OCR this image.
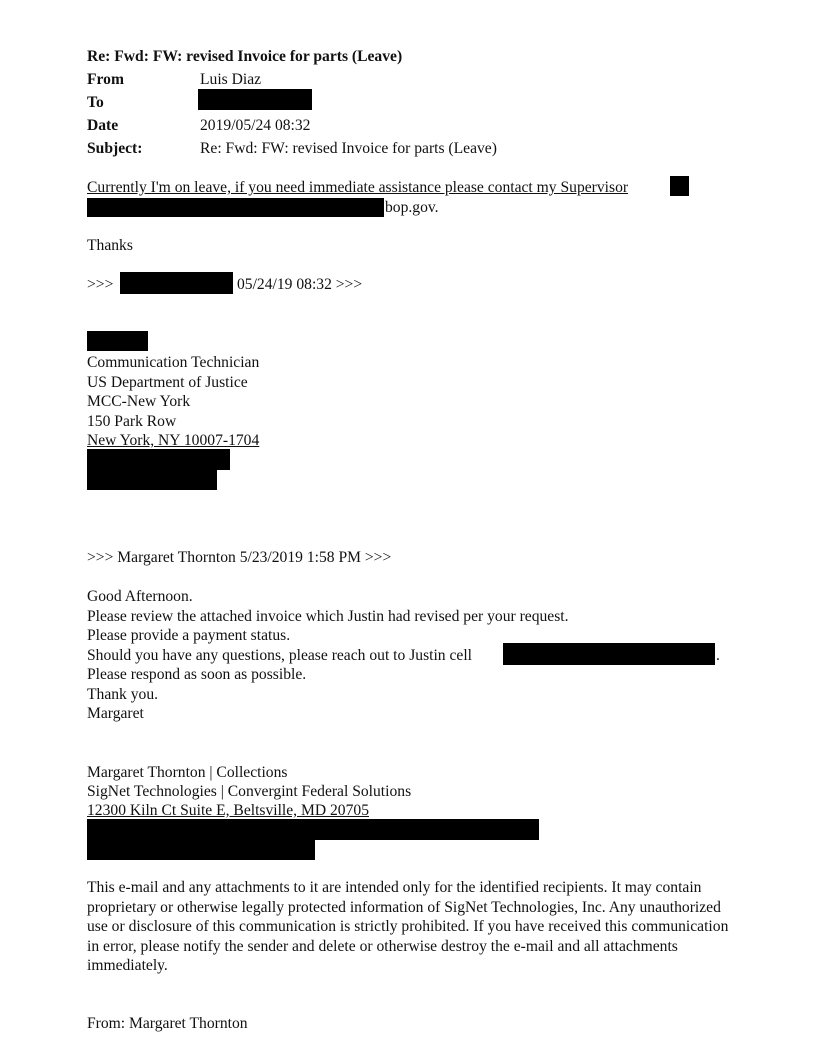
Re: Fwd: FW: revised Invoice for parts (Leave)
From	Luis Diaz
To
Date	2019/05/24 08:32
Subject:	Re: Fwd: FW: revised Invoice for parts (Leave)
Currently I'm on leave, if you need immediate assistance please contact my Supervisor
bop.gov.
Thanks
>>>	05/24/19 08:32 >>>
Communication Technician
US Department of Justice
MCC-New York
150 Park Row
New York, NY 10007-1704
>>> Margaret Thornton 5/23/2019 1:58 PM >>>
Good Afternoon.
Please review the attached invoice which Justin had revised per your request.
Please provide a payment status.
Should you have any questions, please reach out to Justin cell	.
Please respond as soon as possible.
Thank you.
Margaret
Margaret Thornton | Collections
SigNet Technologies | Convergint Federal Solutions
12300 Kiln Ct Suite E, Beltsville, MD 20705
This e-mail and any attachments to it are intended only for the identified recipients. It may contain proprietary or otherwise legally protected information of SigNet Technologies, Inc. Any unauthorized use or disclosure of this communication is strictly prohibited. If you have received this communication in error, please notify the sender and delete or otherwise destroy the e-mail and all attachments immediately.
From: Margaret Thornton
